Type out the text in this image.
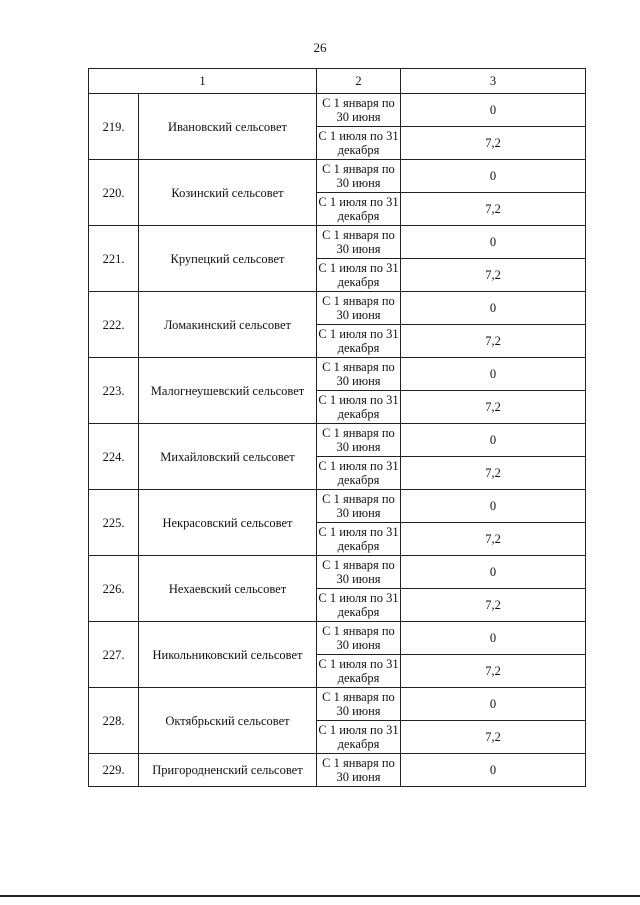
26
1		2	3
219.	Ивановский сельсовет	С 1 января по 30 июня	0
		С 1 июля по 31 декабря	7,2
220.	Козинский сельсовет	С 1 января по 30 июня	0
		С 1 июля по 31 декабря	7,2
221.	Крупецкий сельсовет	С 1 января по 30 июня	0
		С 1 июля по 31 декабря	7,2
222.	Ломакинский сельсовет	С 1 января по 30 июня	0
		С 1 июля по 31 декабря	7,2
223.	Малогнеушевский сельсовет	С 1 января по 30 июня	0
		С 1 июля по 31 декабря	7,2
224.	Михайловский сельсовет	С 1 января по 30 июня	0
		С 1 июля по 31 декабря	7,2
225.	Некрасовский сельсовет	С 1 января по 30 июня	0
		С 1 июля по 31 декабря	7,2
226.	Нехаевский сельсовет	С 1 января по 30 июня	0
		С 1 июля по 31 декабря	7,2
227.	Никольниковский сельсовет	С 1 января по 30 июня	0
		С 1 июля по 31 декабря	7,2
228.	Октябрьский сельсовет	С 1 января по 30 июня	0
		С 1 июля по 31 декабря	7,2
229.	Пригородненский сельсовет	С 1 января по 30 июня	0
